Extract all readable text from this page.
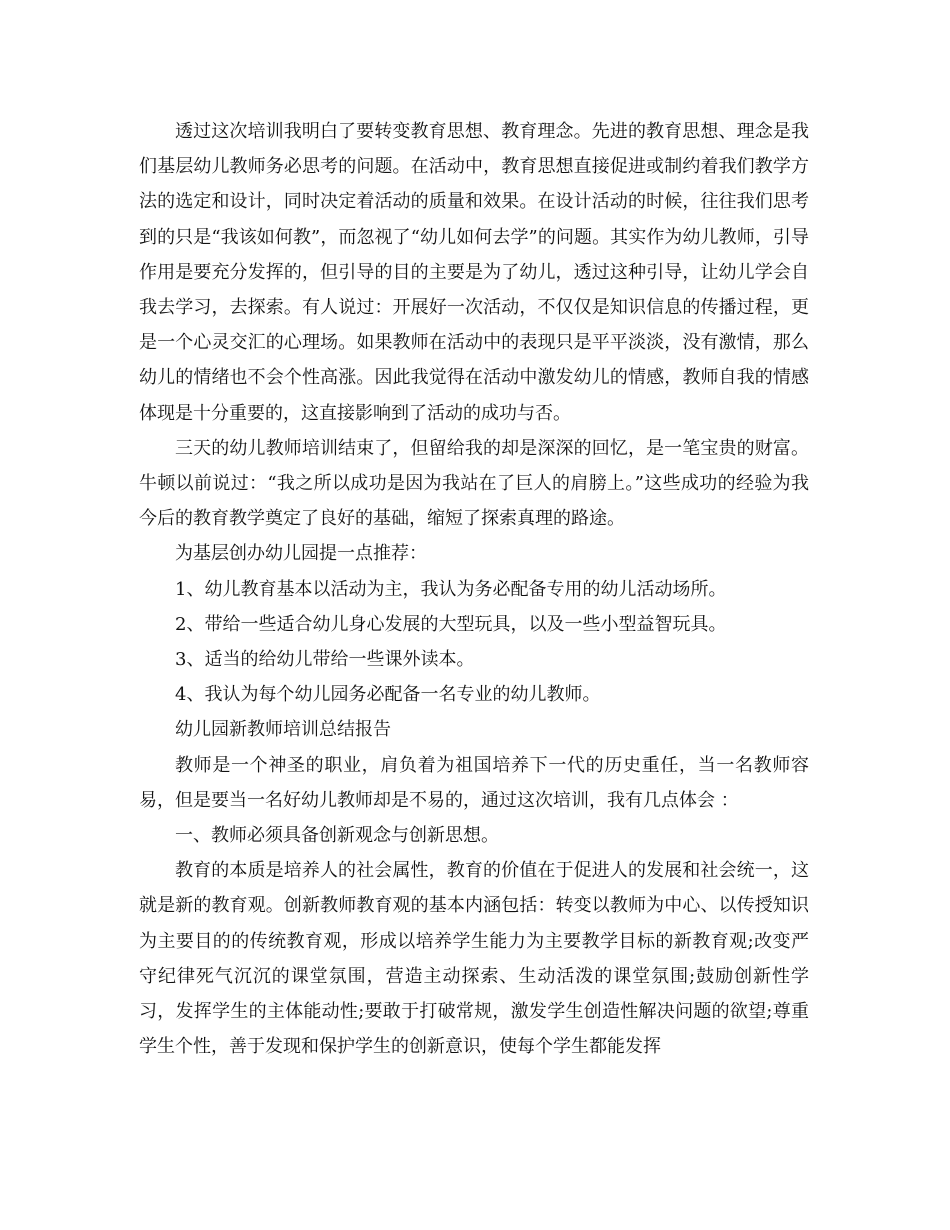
透过这次培训我明白了要转变教育思想、教育理念。先进的教育思想、理念是我们基层幼儿教师务必思考的问题。在活动中，教育思想直接促进或制约着我们教学方法的选定和设计，同时决定着活动的质量和效果。在设计活动的时候，往往我们思考到的只是“我该如何教”，而忽视了“幼儿如何去学”的问题。其实作为幼儿教师，引导作用是要充分发挥的，但引导的目的主要是为了幼儿，透过这种引导，让幼儿学会自我去学习，去探索。有人说过：开展好一次活动，不仅仅是知识信息的传播过程，更是一个心灵交汇的心理场。如果教师在活动中的表现只是平平淡淡，没有激情，那么幼儿的情绪也不会个性高涨。因此我觉得在活动中激发幼儿的情感，教师自我的情感体现是十分重要的，这直接影响到了活动的成功与否。

三天的幼儿教师培训结束了，但留给我的却是深深的回忆，是一笔宝贵的财富。牛顿以前说过：“我之所以成功是因为我站在了巨人的肩膀上。”这些成功的经验为我今后的教育教学奠定了良好的基础，缩短了探索真理的路途。

为基层创办幼儿园提一点推荐：

1、幼儿教育基本以活动为主，我认为务必配备专用的幼儿活动场所。

2、带给一些适合幼儿身心发展的大型玩具，以及一些小型益智玩具。

3、适当的给幼儿带给一些课外读本。

4、我认为每个幼儿园务必配备一名专业的幼儿教师。

幼儿园新教师培训总结报告

教师是一个神圣的职业，肩负着为祖国培养下一代的历史重任，当一名教师容易，但是要当一名好幼儿教师却是不易的，通过这次培训，我有几点体会 ：

一、教师必须具备创新观念与创新思想。

教育的本质是培养人的社会属性，教育的价值在于促进人的发展和社会统一，这就是新的教育观。创新教师教育观的基本内涵包括：转变以教师为中心、以传授知识为主要目的的传统教育观，形成以培养学生能力为主要教学目标的新教育观;改变严守纪律死气沉沉的课堂氛围，营造主动探索、生动活泼的课堂氛围;鼓励创新性学习，发挥学生的主体能动性;要敢于打破常规，激发学生创造性解决问题的欲望;尊重学生个性，善于发现和保护学生的创新意识，使每个学生都能发挥
